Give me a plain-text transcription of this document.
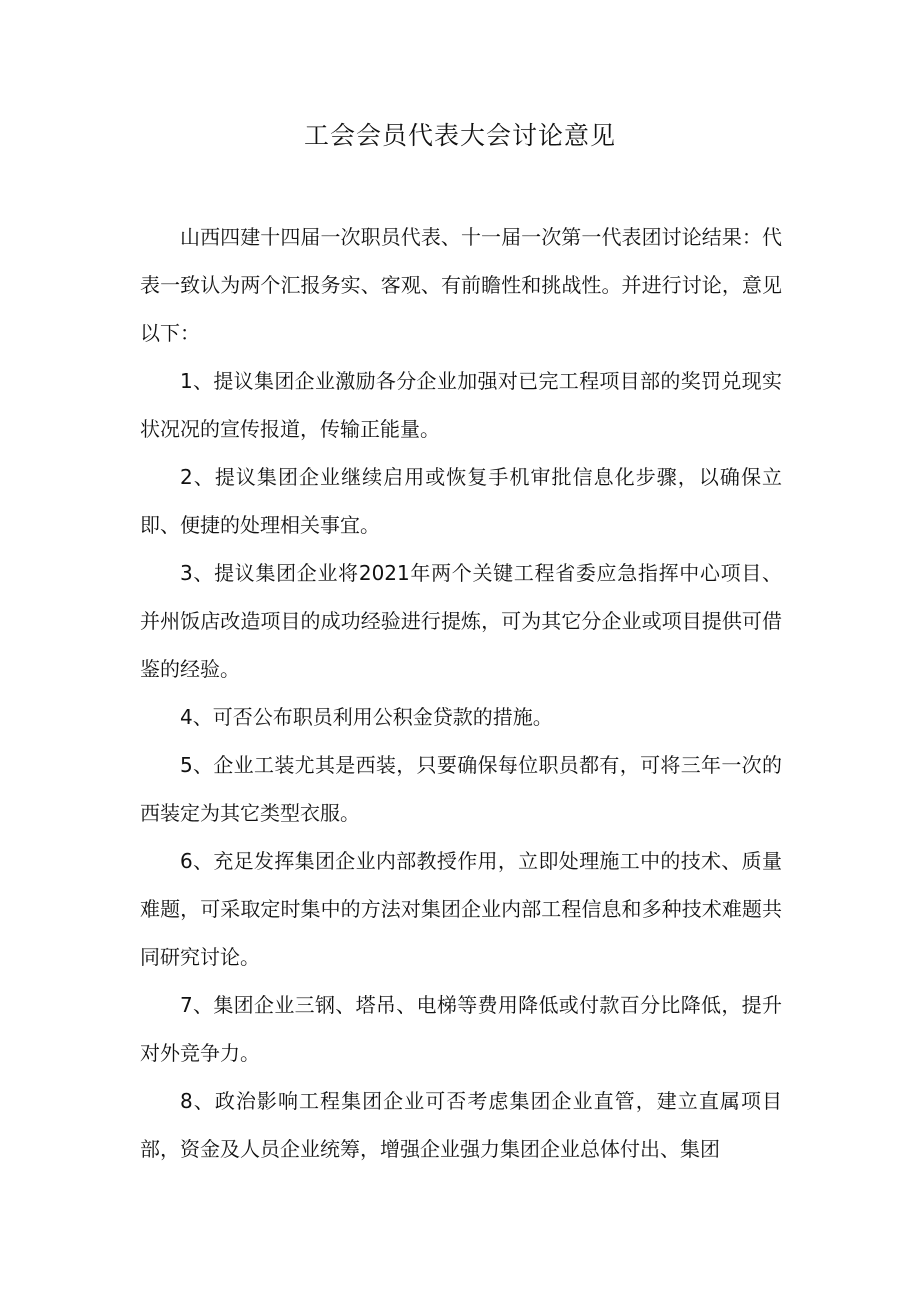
工会会员代表大会讨论意见

山西四建十四届一次职员代表、十一届一次第一代表团讨论结果：代表一致认为两个汇报务实、客观、有前瞻性和挑战性。并进行讨论，意见以下：

1、提议集团企业激励各分企业加强对已完工程项目部的奖罚兑现实状况况的宣传报道，传输正能量。

2、提议集团企业继续启用或恢复手机审批信息化步骤，以确保立即、便捷的处理相关事宜。

3、提议集团企业将2021年两个关键工程省委应急指挥中心项目、并州饭店改造项目的成功经验进行提炼，可为其它分企业或项目提供可借鉴的经验。

4、可否公布职员利用公积金贷款的措施。

5、企业工装尤其是西装，只要确保每位职员都有，可将三年一次的西装定为其它类型衣服。

6、充足发挥集团企业内部教授作用，立即处理施工中的技术、质量难题，可采取定时集中的方法对集团企业内部工程信息和多种技术难题共同研究讨论。

7、集团企业三钢、塔吊、电梯等费用降低或付款百分比降低，提升对外竞争力。

8、政治影响工程集团企业可否考虑集团企业直管，建立直属项目部，资金及人员企业统筹，增强企业强力集团企业总体付出、集团
